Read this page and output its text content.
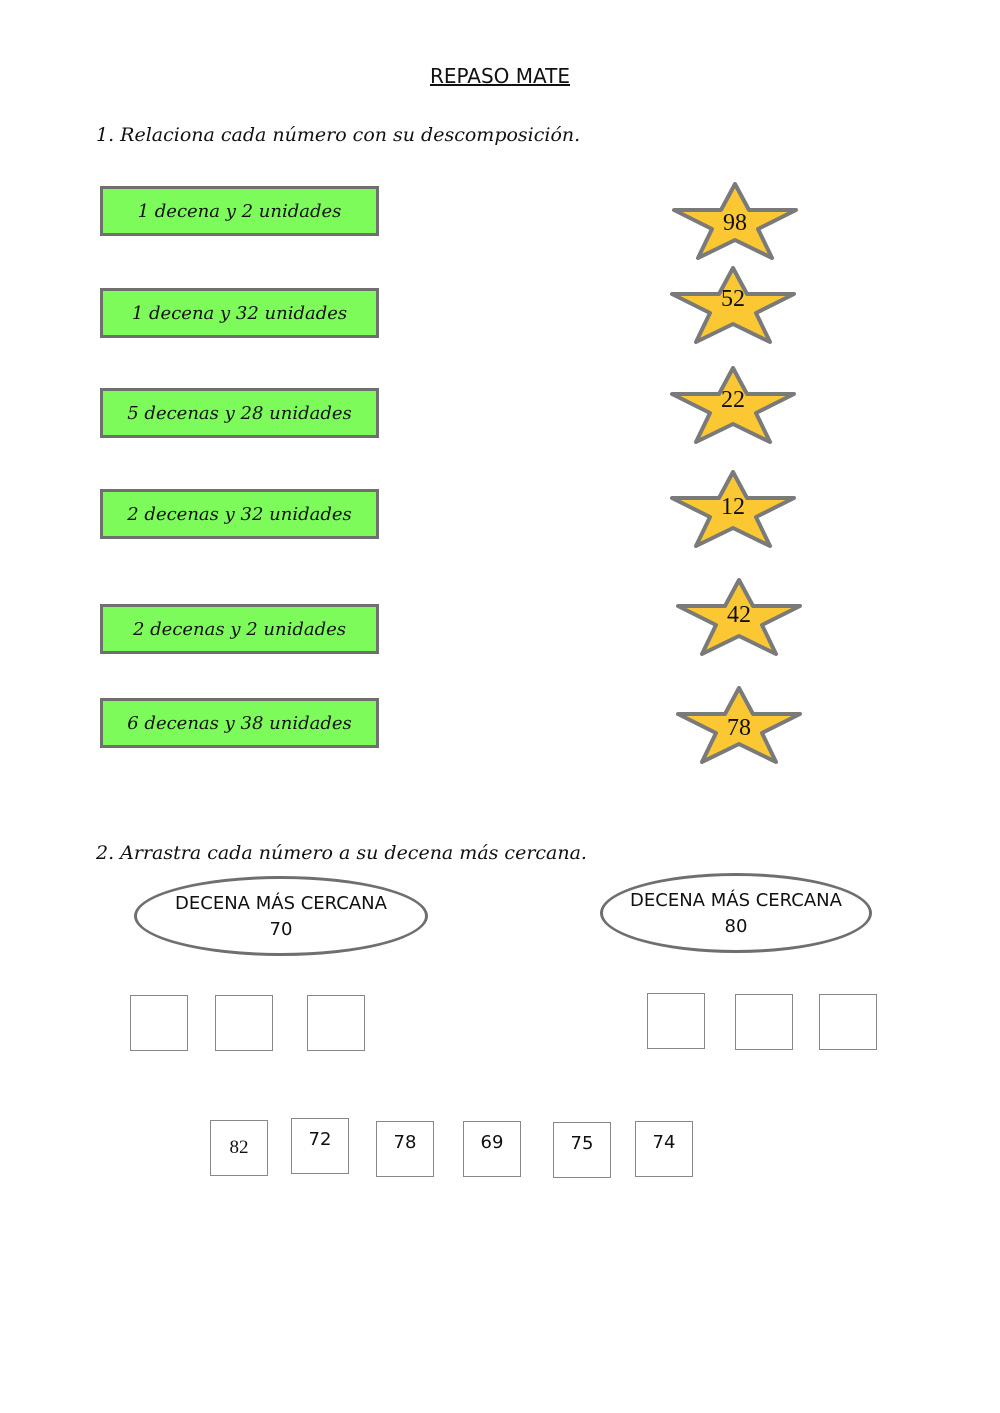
REPASO MATE
1. Relaciona cada número con su descomposición.
1 decena y 2 unidades
1 decena y 32 unidades
5 decenas y 28 unidades
2 decenas y 32 unidades
2 decenas y 2 unidades
6 decenas y 38 unidades
98
52
22
12
42
78
2. Arrastra cada número a su decena más cercana.
DECENA MÁS CERCANA
70
DECENA MÁS CERCANA
80
82	72	78	69	75	74
